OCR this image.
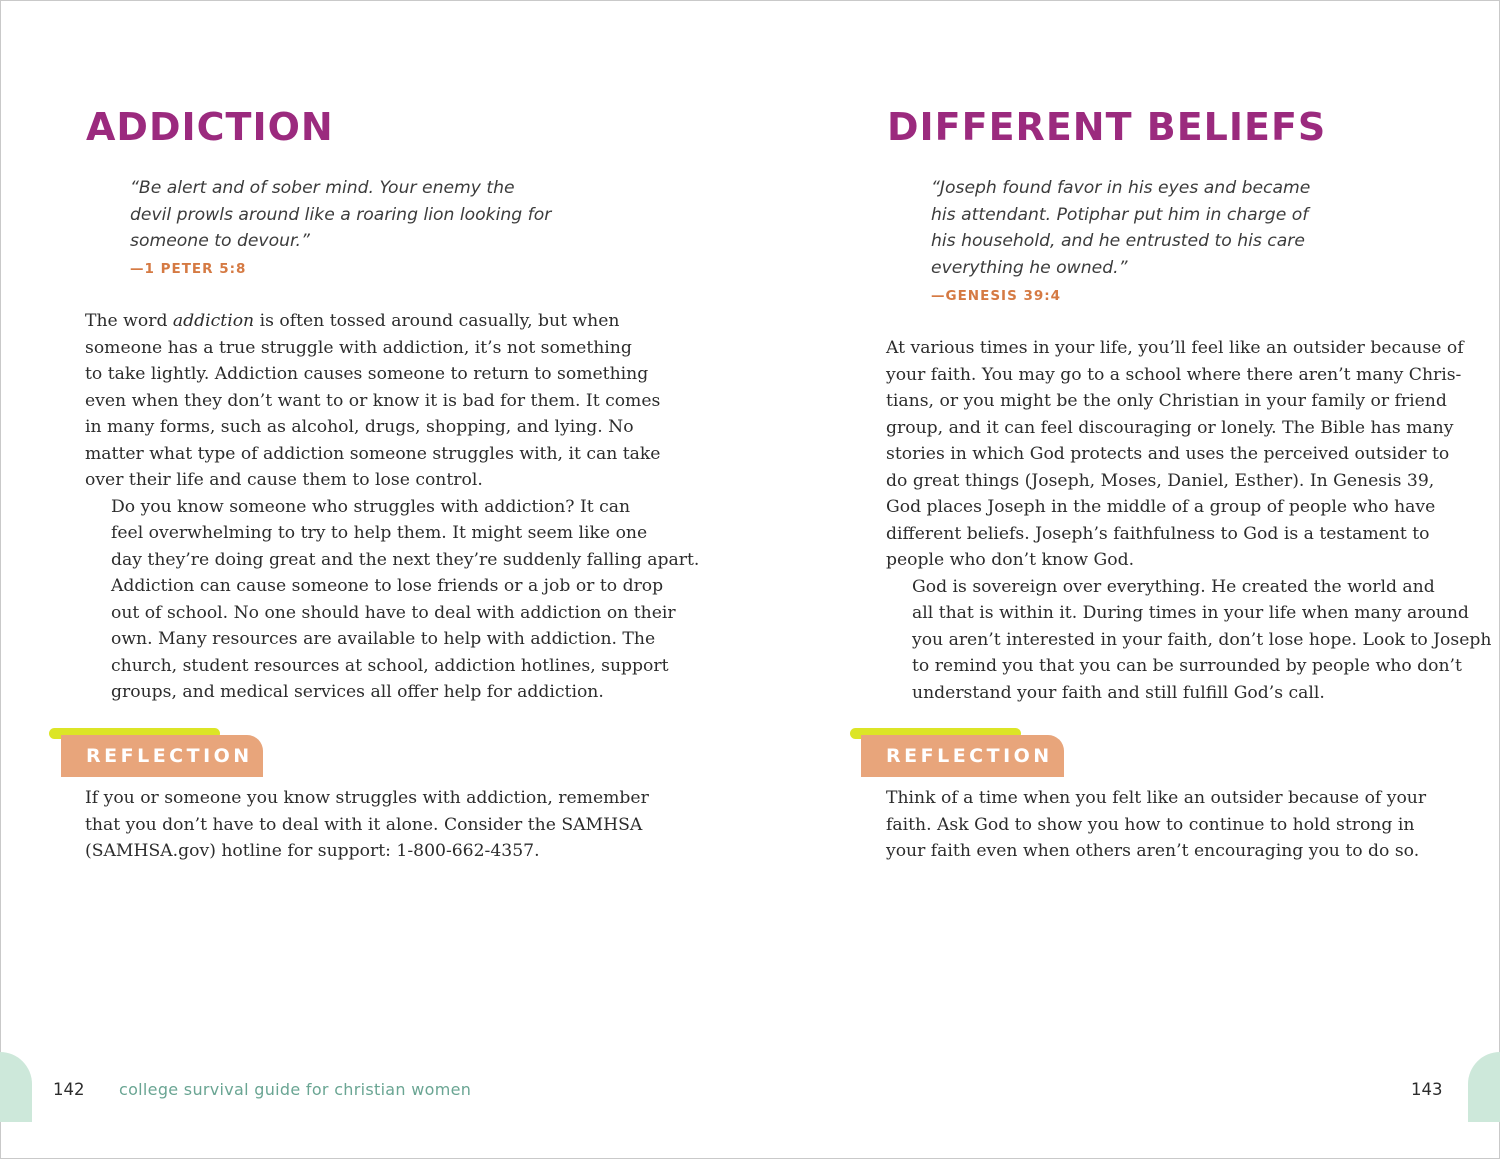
ADDICTION
“Be alert and of sober mind. Your enemy the
devil prowls around like a roaring lion looking for
someone to devour.”
—1 PETER 5:8

The word addiction is often tossed around casually, but when
someone has a true struggle with addiction, it’s not something
to take lightly. Addiction causes someone to return to something
even when they don’t want to or know it is bad for them. It comes
in many forms, such as alcohol, drugs, shopping, and lying. No
matter what type of addiction someone struggles with, it can take
over their life and cause them to lose control.

Do you know someone who struggles with addiction? It can
feel overwhelming to try to help them. It might seem like one
day they’re doing great and the next they’re suddenly falling apart.
Addiction can cause someone to lose friends or a job or to drop
out of school. No one should have to deal with addiction on their
own. Many resources are available to help with addiction. The
church, student resources at school, addiction hotlines, support
groups, and medical services all offer help for addiction.

REFLECTION
If you or someone you know struggles with addiction, remember
that you don’t have to deal with it alone. Consider the SAMHSA
(SAMHSA.gov) hotline for support: 1-800-662-4357.
142 college survival guide for christian women
DIFFERENT BELIEFS
“Joseph found favor in his eyes and became
his attendant. Potiphar put him in charge of
his household, and he entrusted to his care
everything he owned.”
—GENESIS 39:4

At various times in your life, you’ll feel like an outsider because of
your faith. You may go to a school where there aren’t many Chris-
tians, or you might be the only Christian in your family or friend
group, and it can feel discouraging or lonely. The Bible has many
stories in which God protects and uses the perceived outsider to
do great things (Joseph, Moses, Daniel, Esther). In Genesis 39,
God places Joseph in the middle of a group of people who have
different beliefs. Joseph’s faithfulness to God is a testament to
people who don’t know God.

God is sovereign over everything. He created the world and
all that is within it. During times in your life when many around
you aren’t interested in your faith, don’t lose hope. Look to Joseph
to remind you that you can be surrounded by people who don’t
understand your faith and still fulfill God’s call.

REFLECTION
Think of a time when you felt like an outsider because of your
faith. Ask God to show you how to continue to hold strong in
your faith even when others aren’t encouraging you to do so.
143
